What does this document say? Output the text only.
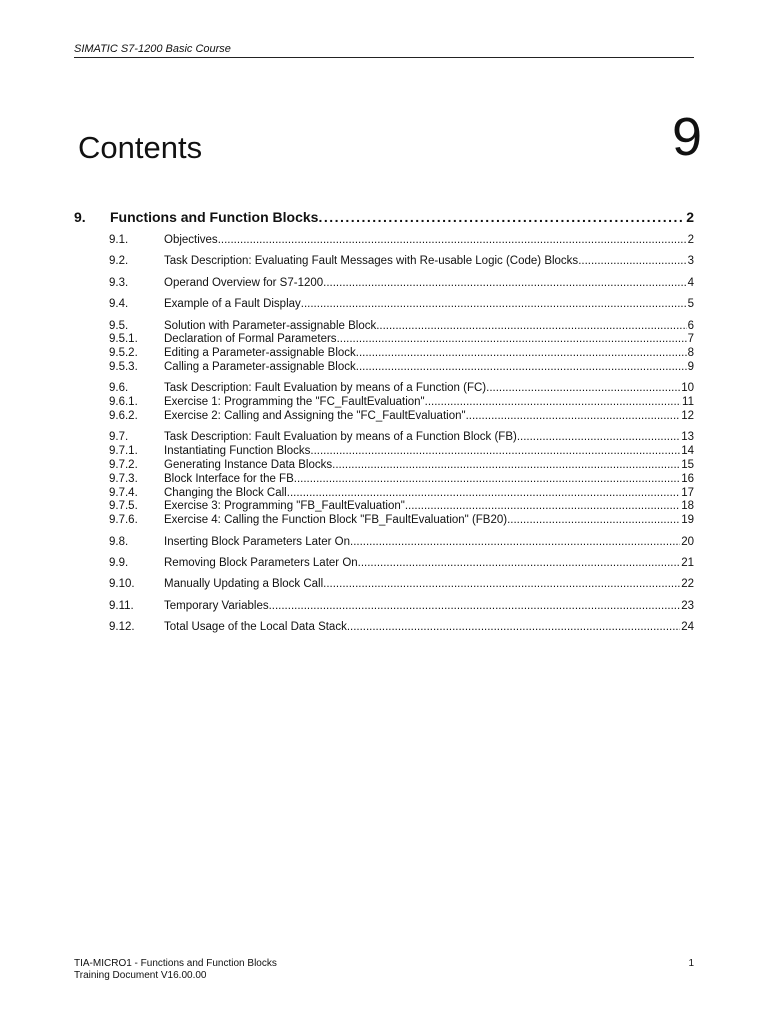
SIMATIC S7-1200 Basic Course
Contents	9
9.	Functions and Function Blocks . . .	2
9.1.	Objectives . . .	2
9.2.	Task Description: Evaluating Fault Messages with Re-usable Logic (Code) Blocks . . .	3
9.3.	Operand Overview for S7-1200 . . .	4
9.4.	Example of a Fault Display . . .	5
9.5.	Solution with Parameter-assignable Block . . .	6
9.5.1.	Declaration of Formal Parameters . . .	7
9.5.2.	Editing a Parameter-assignable Block . . .	8
9.5.3.	Calling a Parameter-assignable Block . . .	9
9.6.	Task Description: Fault Evaluation by means of a Function (FC) . . .	10
9.6.1.	Exercise 1: Programming the "FC_FaultEvaluation" . . .	11
9.6.2.	Exercise 2: Calling and Assigning the "FC_FaultEvaluation" . . .	12
9.7.	Task Description: Fault Evaluation by means of a Function Block (FB) . . .	13
9.7.1.	Instantiating Function Blocks . . .	14
9.7.2.	Generating Instance Data Blocks . . .	15
9.7.3.	Block Interface for the FB . . .	16
9.7.4.	Changing the Block Call . . .	17
9.7.5.	Exercise 3: Programming "FB_FaultEvaluation" . . .	18
9.7.6.	Exercise 4: Calling the Function Block "FB_FaultEvaluation" (FB20) . . .	19
9.8.	Inserting Block Parameters Later On . . .	20
9.9.	Removing Block Parameters Later On . . .	21
9.10.	Manually Updating a Block Call . . .	22
9.11.	Temporary Variables . . .	23
9.12.	Total Usage of the Local Data Stack . . .	24
TIA-MICRO1 - Functions and Function Blocks
Training Document V16.00.00
1
